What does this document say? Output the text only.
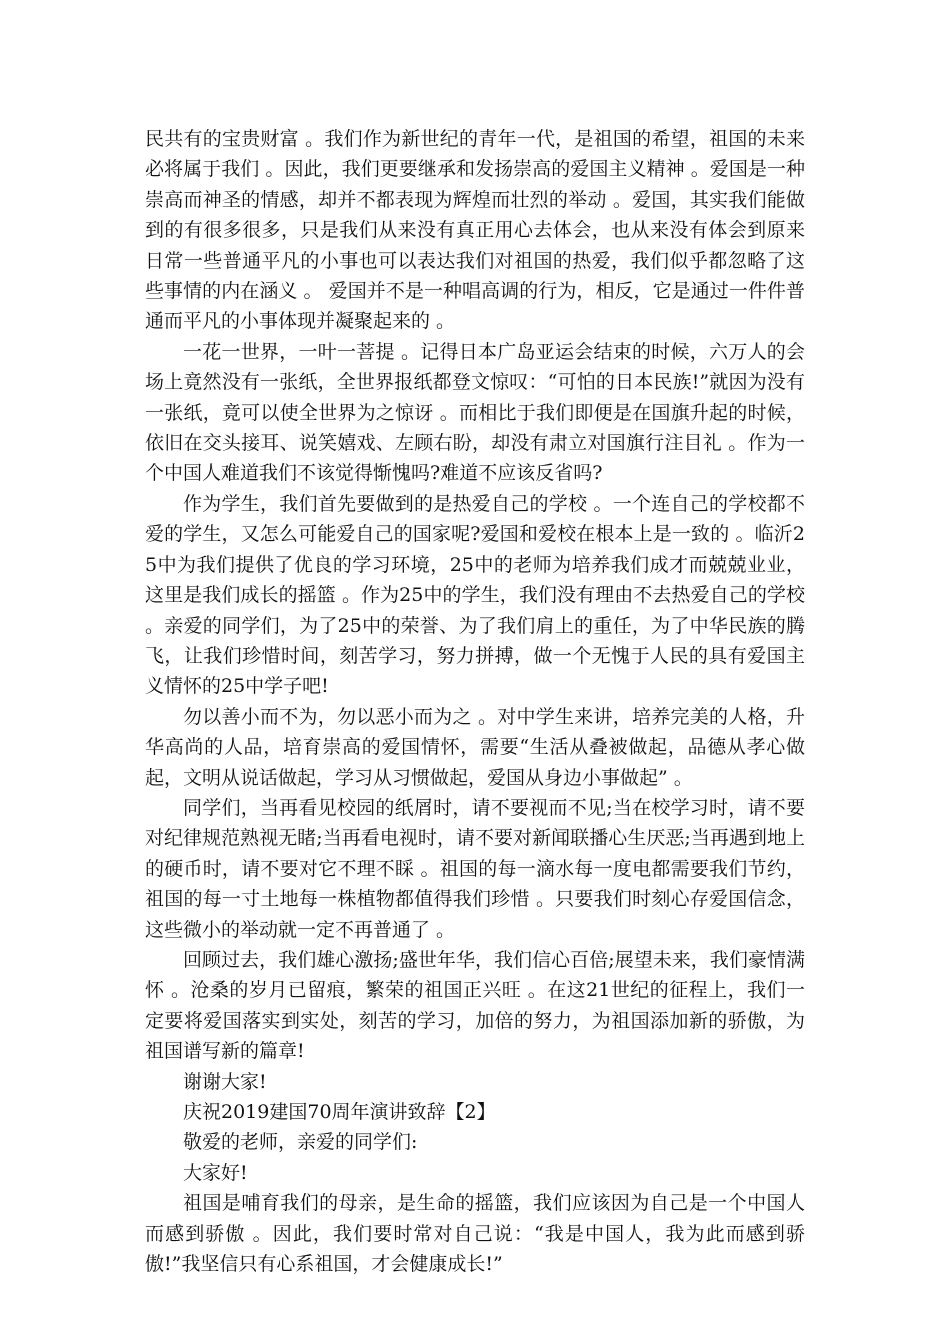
民共有的宝贵财富 。我们作为新世纪的青年一代，是祖国的希望，祖国的未来必将属于我们 。因此，我们更要继承和发扬崇高的爱国主义精神 。爱国是一种崇高而神圣的情感，却并不都表现为辉煌而壮烈的举动 。爱国，其实我们能做到的有很多很多，只是我们从来没有真正用心去体会，也从来没有体会到原来日常一些普通平凡的小事也可以表达我们对祖国的热爱，我们似乎都忽略了这些事情的内在涵义 。 爱国并不是一种唱高调的行为，相反，它是通过一件件普通而平凡的小事体现并凝聚起来的 。

一花一世界，一叶一菩提 。记得日本广岛亚运会结束的时候，六万人的会场上竟然没有一张纸，全世界报纸都登文惊叹：“可怕的日本民族!”就因为没有一张纸，竟可以使全世界为之惊讶 。而相比于我们即便是在国旗升起的时候，依旧在交头接耳、说笑嬉戏、左顾右盼，却没有肃立对国旗行注目礼 。作为一个中国人难道我们不该觉得惭愧吗?难道不应该反省吗?

作为学生，我们首先要做到的是热爱自己的学校 。一个连自己的学校都不爱的学生，又怎么可能爱自己的国家呢?爱国和爱校在根本上是一致的 。临沂25中为我们提供了优良的学习环境，25中的老师为培养我们成才而兢兢业业，这里是我们成长的摇篮 。作为25中的学生，我们没有理由不去热爱自己的学校 。亲爱的同学们，为了25中的荣誉、为了我们肩上的重任，为了中华民族的腾飞，让我们珍惜时间，刻苦学习，努力拼搏，做一个无愧于人民的具有爱国主义情怀的25中学子吧!

勿以善小而不为，勿以恶小而为之 。对中学生来讲，培养完美的人格，升华高尚的人品，培育崇高的爱国情怀，需要“生活从叠被做起，品德从孝心做起，文明从说话做起，学习从习惯做起，爱国从身边小事做起” 。

同学们，当再看见校园的纸屑时，请不要视而不见;当在校学习时，请不要对纪律规范熟视无睹;当再看电视时，请不要对新闻联播心生厌恶;当再遇到地上的硬币时，请不要对它不理不睬 。祖国的每一滴水每一度电都需要我们节约，祖国的每一寸土地每一株植物都值得我们珍惜 。只要我们时刻心存爱国信念，这些微小的举动就一定不再普通了 。

回顾过去，我们雄心激扬;盛世年华，我们信心百倍;展望未来，我们豪情满怀 。沧桑的岁月已留痕，繁荣的祖国正兴旺 。在这21世纪的征程上，我们一定要将爱国落实到实处，刻苦的学习，加倍的努力，为祖国添加新的骄傲，为祖国谱写新的篇章!

谢谢大家!

庆祝2019建国70周年演讲致辞【2】

敬爱的老师，亲爱的同学们:

大家好!

祖国是哺育我们的母亲，是生命的摇篮，我们应该因为自己是一个中国人而感到骄傲 。因此，我们要时常对自己说：“我是中国人，我为此而感到骄傲!”我坚信只有心系祖国，才会健康成长!”
